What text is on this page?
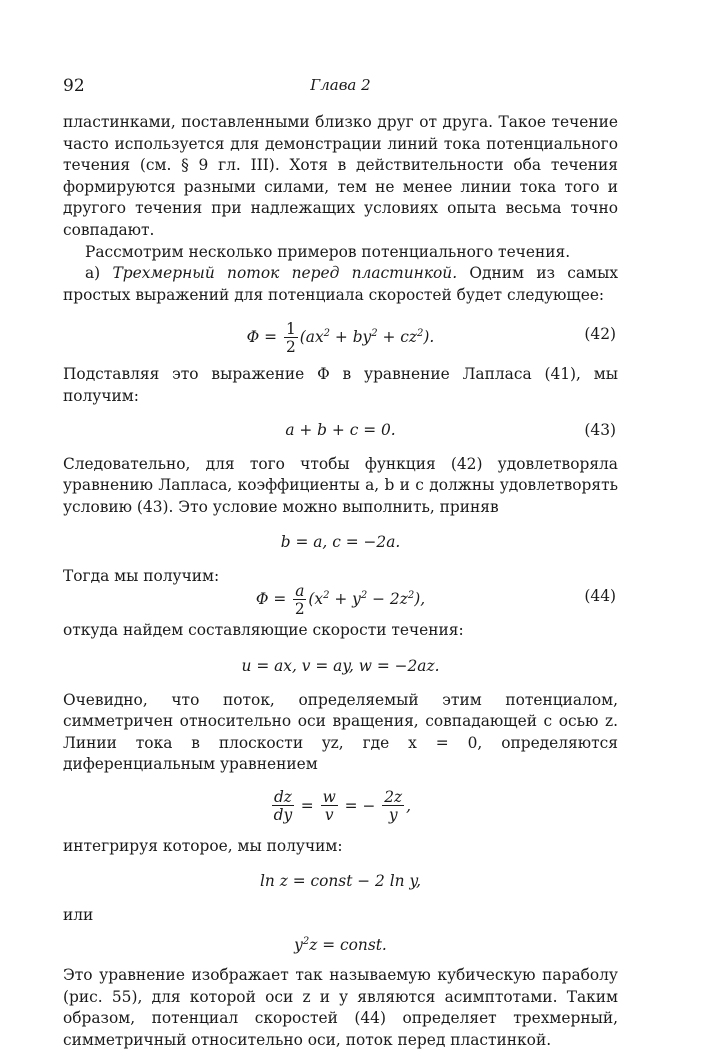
92	Глава 2

пластинками, поставленными близко друг от друга. Такое течение часто используется для демонстрации линий тока потенциального течения (см. § 9 гл. III). Хотя в действительности оба течения формируются разными силами, тем не менее линии тока того и другого течения при надлежащих условиях опыта весьма точно совпадают.

Рассмотрим несколько примеров потенциального течения.

a) Трехмерный поток перед пластинкой. Одним из самых простых выражений для потенциала скоростей будет следующее:

$\Phi = \frac{1}{2} (ax^2 + by^2 + cz^2)$.	(42)

Подставляя это выражение Φ в уравнение Лапласа (41), мы получим:

a + b + c = 0.	(43)

Следовательно, для того чтобы функция (42) удовлетворяла уравнению Лапласа, коэффициенты a, b и c должны удовлетворять условию (43). Это условие можно выполнить, приняв

b = a, c = −2a.

Тогда мы получим:

$\Phi = \frac{a}{2} (x^2 + y^2 - 2z^2)$,	(44)

откуда найдем составляющие скорости течения:

u = ax, v = ay, w = −2az.

Очевидно, что поток, определяемый этим потенциалом, симметричен относительно оси вращения, совпадающей с осью z. Линии тока в плоскости yz, где x = 0, определяются диференциальным уравнением

$\frac{dz}{dy} = \frac{w}{v}$ = − $\frac{2z}{y}$ ,

интегрируя которое, мы получим:

ln z = const − 2 ln y,

или

$y^2z$ = const.

Это уравнение изображает так называемую кубическую параболу (рис. 55), для которой оси z и y являются асимптотами. Таким образом, потенциал скоростей (44) определяет трехмерный, симметричный относительно оси, поток перед пластинкой.
